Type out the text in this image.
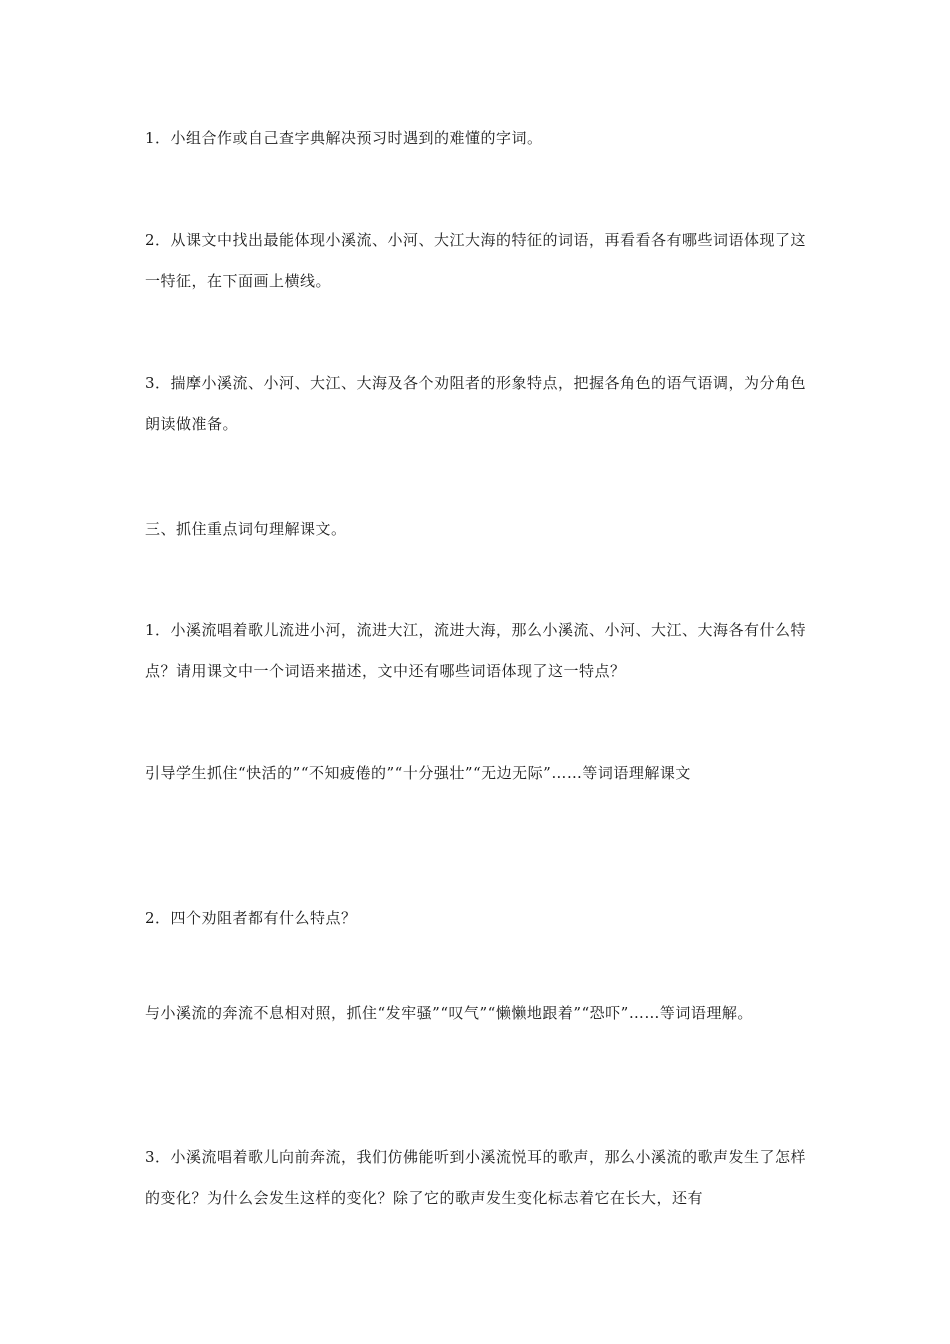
1．小组合作或自己查字典解决预习时遇到的难懂的字词。

2．从课文中找出最能体现小溪流、小河、大江大海的特征的词语，再看看各有哪些词语体现了这一特征，在下面画上横线。

3．揣摩小溪流、小河、大江、大海及各个劝阻者的形象特点，把握各角色的语气语调，为分角色朗读做准备。

三、抓住重点词句理解课文。

1．小溪流唱着歌儿流进小河，流进大江，流进大海，那么小溪流、小河、大江、大海各有什么特点？请用课文中一个词语来描述，文中还有哪些词语体现了这一特点？

引导学生抓住“快活的”“不知疲倦的”“十分强壮”“无边无际”……等词语理解课文

2．四个劝阻者都有什么特点？

与小溪流的奔流不息相对照，抓住“发牢骚”“叹气”“懒懒地跟着”“恐吓”……等词语理解。

3．小溪流唱着歌儿向前奔流，我们仿佛能听到小溪流悦耳的歌声，那么小溪流的歌声发生了怎样的变化？为什么会发生这样的变化？除了它的歌声发生变化标志着它在长大，还有
